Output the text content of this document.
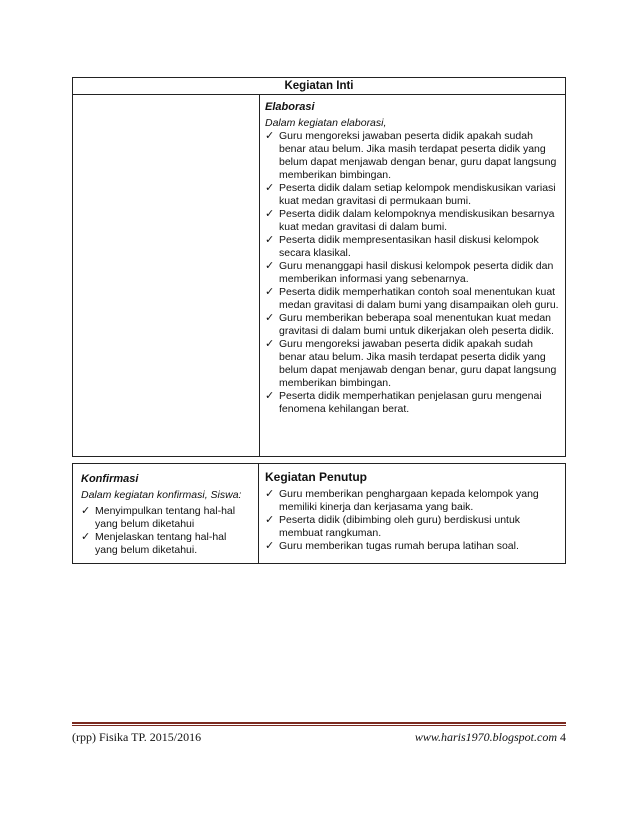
Kegiatan Inti
Elaborasi
Dalam kegiatan elaborasi,
✓ Guru mengoreksi jawaban peserta didik apakah sudah benar atau belum. Jika masih terdapat peserta didik yang belum dapat menjawab dengan benar, guru dapat langsung memberikan bimbingan.
✓ Peserta didik dalam setiap kelompok mendiskusikan variasi kuat medan gravitasi di permukaan bumi.
✓ Peserta didik dalam kelompoknya mendiskusikan besarnya kuat medan gravitasi di dalam bumi.
✓ Peserta didik mempresentasikan hasil diskusi kelompok secara klasikal.
✓ Guru menanggapi hasil diskusi kelompok peserta didik dan memberikan informasi yang sebenarnya.
✓ Peserta didik memperhatikan contoh soal menentukan kuat medan gravitasi di dalam bumi yang disampaikan oleh guru.
✓ Guru memberikan beberapa soal menentukan kuat medan gravitasi di dalam bumi untuk dikerjakan oleh peserta didik.
✓ Guru mengoreksi jawaban peserta didik apakah sudah benar atau belum. Jika masih terdapat peserta didik yang belum dapat menjawab dengan benar, guru dapat langsung memberikan bimbingan.
✓ Peserta didik memperhatikan penjelasan guru mengenai fenomena kehilangan berat.
Konfirmasi
Dalam kegiatan konfirmasi, Siswa:
✓ Menyimpulkan tentang hal-hal yang belum diketahui
✓ Menjelaskan tentang hal-hal yang belum diketahui.
Kegiatan Penutup
✓ Guru memberikan penghargaan kepada kelompok yang memiliki kinerja dan kerjasama yang baik.
✓ Peserta didik (dibimbing oleh guru) berdiskusi untuk membuat rangkuman.
✓ Guru memberikan tugas rumah berupa latihan soal.
(rpp) Fisika TP. 2015/2016	www.haris1970.blogspot.com 4
